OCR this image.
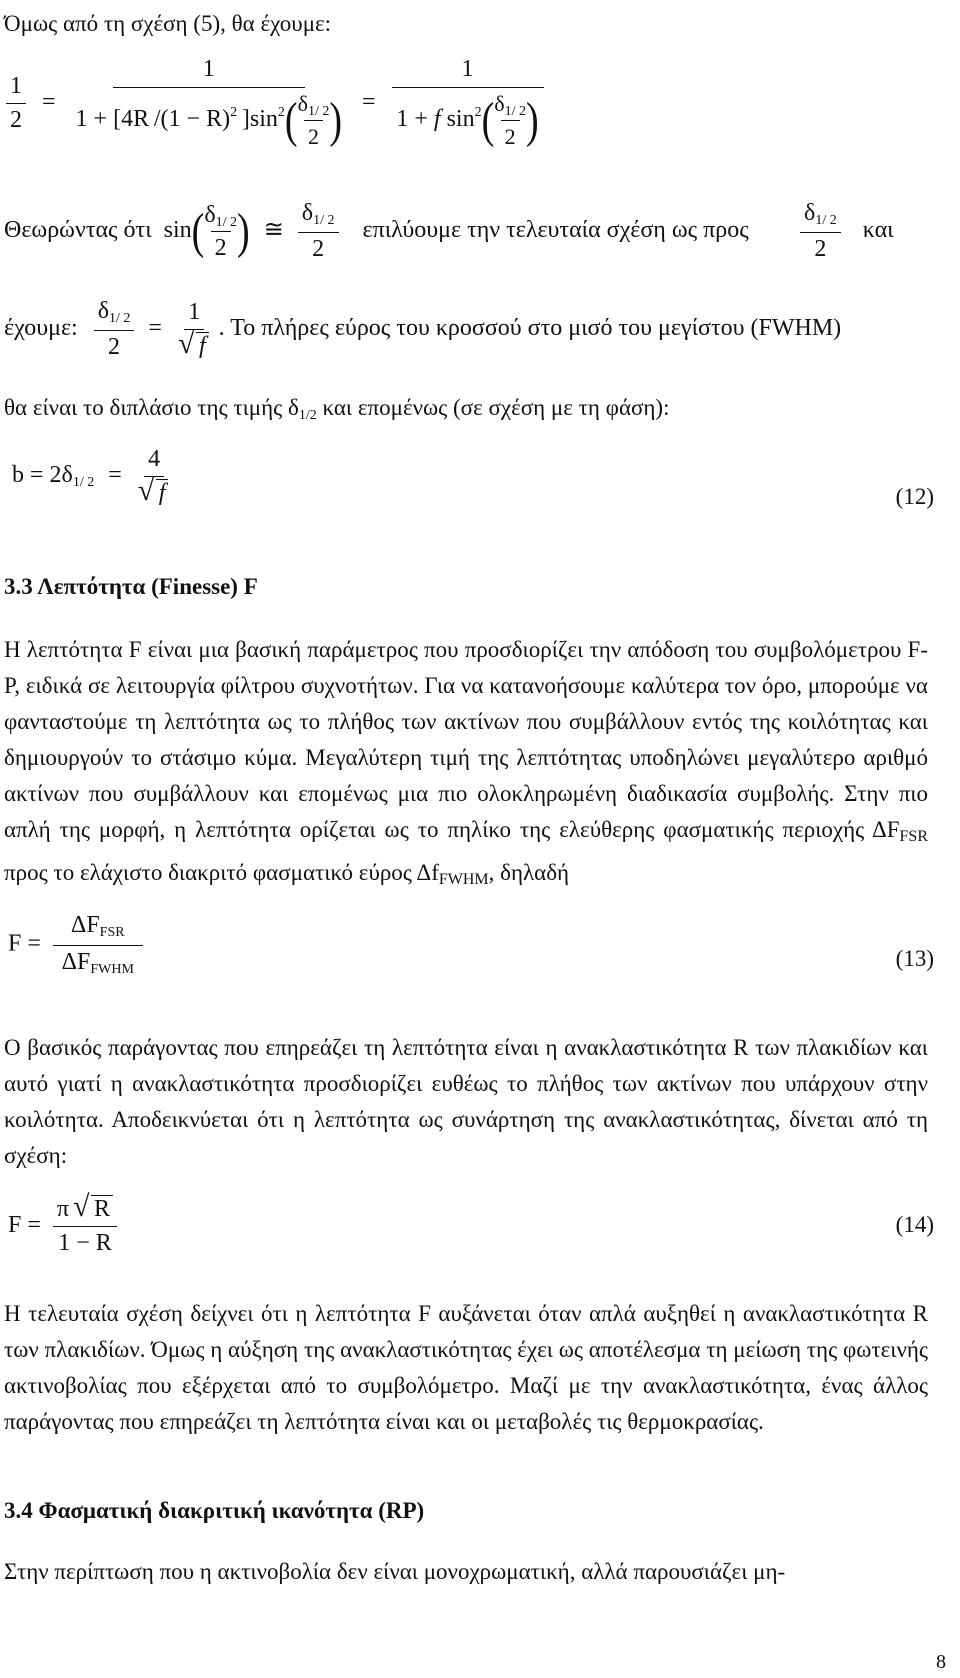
Όμως από τη σχέση (5), θα έχουμε:
$\frac{1}{2} = \frac{1}{1 + [4R /(1 - R)^2 ]\sin^2( \frac{\delta_{1/ 2}}{2} )} = \frac{1}{1 + f \sin^2( \frac{\delta_{1/ 2}}{2} )}$
Θεωρώντας ότι  $\sin( \frac{\delta_{1/ 2}}{2}$ ) ≅ $\frac{\delta_{1/ 2}}{2}$ επιλύουμε την τελευταία σχέση ως προς $\frac{\delta_{1/ 2}}{2}$ και
έχουμε: $\frac{\delta_{1/ 2}}{2} = 1$
√ f . Το πλήρες εύρος του κροσσού στο μισό του μεγίστου (FWHM)
θα είναι το διπλάσιο της τιμής $\delta_{1/2}$ και επομένως (σε σχέση με τη φάση):
$b = 2\delta_{1/ 2} = 4$
√ f	(12)
3.3 Λεπτότητα (Finesse) F
Η λεπτότητα F είναι μια βασική παράμετρος που προσδιορίζει την απόδοση του συμβολόμετρου F-P, ειδικά σε λειτουργία φίλτρου συχνοτήτων. Για να κατανοήσουμε καλύτερα τον όρο, μπορούμε να φανταστούμε τη λεπτότητα ως το πλήθος των ακτίνων που συμβάλλουν εντός της κοιλότητας και δημιουργούν το στάσιμο κύμα. Μεγαλύτερη τιμή της λεπτότητας υποδηλώνει μεγαλύτερο αριθμό ακτίνων που συμβάλλουν και επομένως μια πιο ολοκληρωμένη διαδικασία συμβολής. Στην πιο απλή της μορφή, η λεπτότητα ορίζεται ως το πηλίκο της ελεύθερης φασματικής περιοχής $\Delta F_{FSR}$ προς το ελάχιστο διακριτό φασματικό εύρος $\Delta f_{FWHM}$, δηλαδή
$F = \frac{\Delta F_{FSR}}{\Delta F_{FWHM}}$	(13)
Ο βασικός παράγοντας που επηρεάζει τη λεπτότητα είναι η ανακλαστικότητα R των πλακιδίων και αυτό γιατί η ανακλαστικότητα προσδιορίζει ευθέως το πλήθος των ακτίνων που υπάρχουν στην κοιλότητα. Αποδεικνύεται ότι η λεπτότητα ως συνάρτηση της ανακλαστικότητας, δίνεται από τη σχέση:
$F = \frac{\pi √ R}{1 - R}$	(14)
Η τελευταία σχέση δείχνει ότι η λεπτότητα F αυξάνεται όταν απλά αυξηθεί η ανακλαστικότητα R των πλακιδίων. Όμως η αύξηση της ανακλαστικότητας έχει ως αποτέλεσμα τη μείωση της φωτεινής ακτινοβολίας που εξέρχεται από το συμβολόμετρο. Μαζί με την ανακλαστικότητα, ένας άλλος παράγοντας που επηρεάζει τη λεπτότητα είναι και οι μεταβολές τις θερμοκρασίας.
3.4 Φασματική διακριτική ικανότητα (RP)
Στην περίπτωση που η ακτινοβολία δεν είναι μονοχρωματική, αλλά παρουσιάζει μη-
8
